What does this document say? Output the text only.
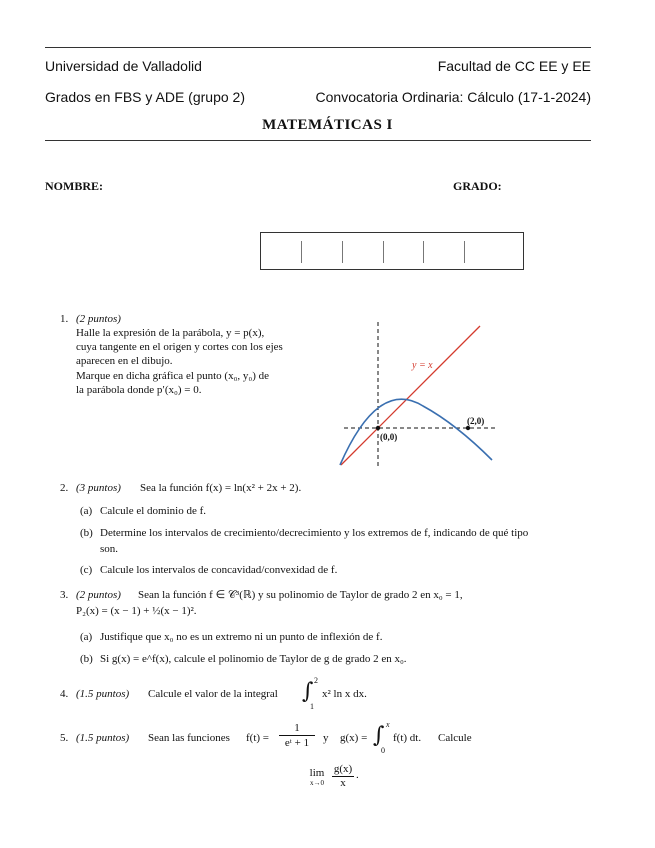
Universidad de Valladolid	Facultad de CC EE y EE
Grados en FBS y ADE (grupo 2)	Convocatoria Ordinaria: Cálculo (17-1-2024)
MATEMÁTICAS I
NOMBRE:	GRADO:
1. (2 puntos)
Halle la expresión de la parábola, y = p(x),
cuya tangente en el origen y cortes con los ejes
aparecen en el dibujo.
Marque en dicha gráfica el punto (x₀, y₀) de
la parábola donde p′(x₀) = 0.
y = x
(0,0)
(2,0)
2. (3 puntos) Sea la función f(x) = ln(x² + 2x + 2).
(a) Calcule el dominio de f.
(b) Determine los intervalos de crecimiento/decrecimiento y los extremos de f, indicando de qué tipo
son.
(c) Calcule los intervalos de concavidad/convexidad de f.
3. (2 puntos) Sean la función f ∈ 𝒞³(ℝ) y su polinomio de Taylor de grado 2 en x₀ = 1,
P₂(x) = (x − 1) + ½(x − 1)².
(a) Justifique que x₀ no es un extremo ni un punto de inflexión de f.
(b) Si g(x) = e^f(x), calcule el polinomio de Taylor de g de grado 2 en x₀.
4. (1.5 puntos) Calcule el valor de la integral ∫ 2
1
x² ln x dx.
5. (1.5 puntos) Sean las funciones $f(t) = \frac{1}{\text{eᵗ + 1}}$ y g(x) = ∫ x
0
f(t) dt. Calcule
lim
$x\to 0 \frac{g(x)}{x}$ .
